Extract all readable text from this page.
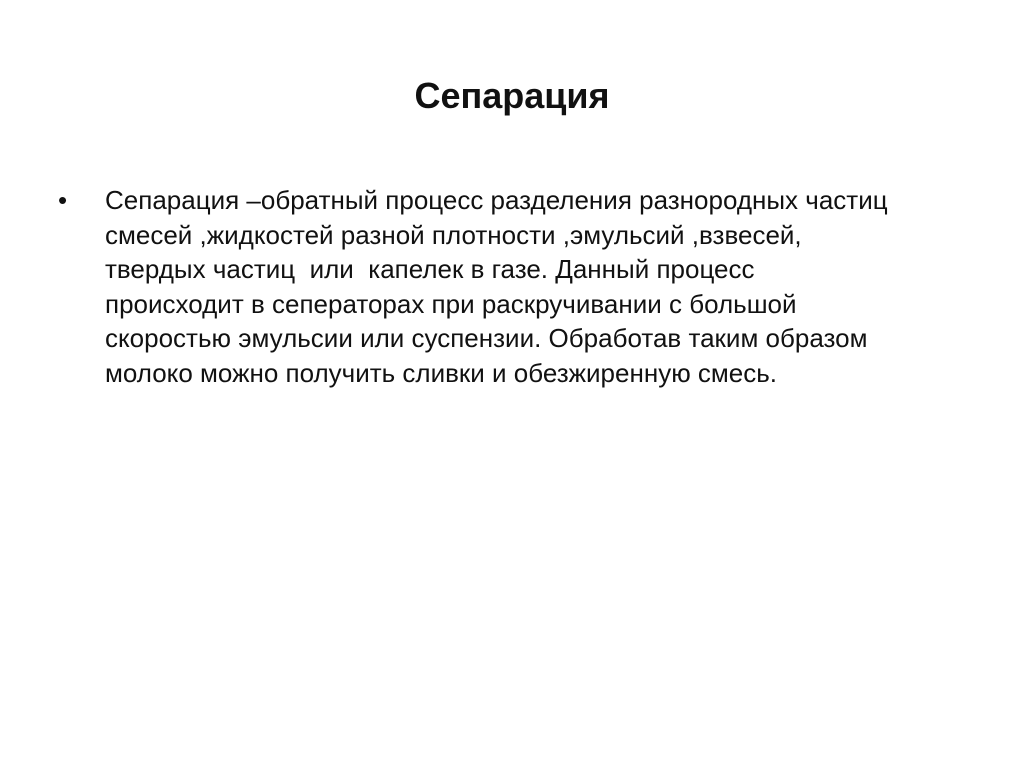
Сепарация
•	Сепарация –обратный процесс разделения разнородных частиц
смесей ,жидкостей разной плотности ,эмульсий ,взвесей,
твердых частиц  или  капелек в газе. Данный процесс
происходит в сеператорах при раскручивании с большой
скоростью эмульсии или суспензии. Обработав таким образом
молоко можно получить сливки и обезжиренную смесь.
